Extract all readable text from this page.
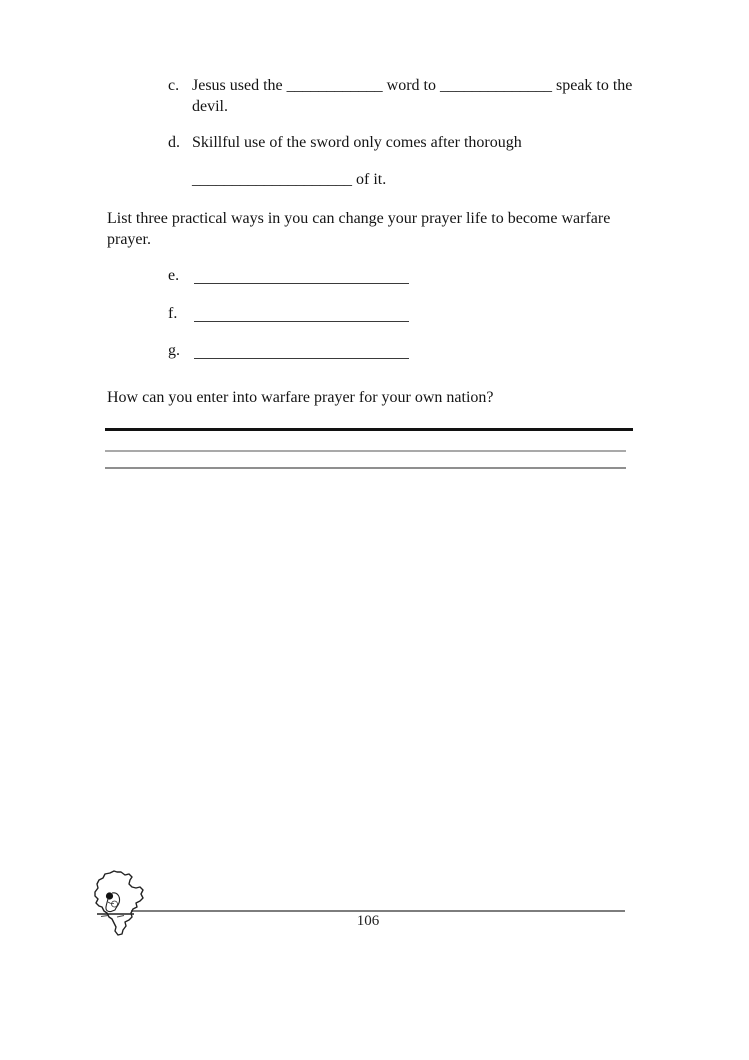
c. Jesus used the ____________ word to ______________ speak to the
devil.
d. Skillful use of the sword only comes after thorough
____________________ of it.
List three practical ways in you can change your prayer life to become warfare
prayer.
e.
f.
g.
How can you enter into warfare prayer for your own nation?
106
